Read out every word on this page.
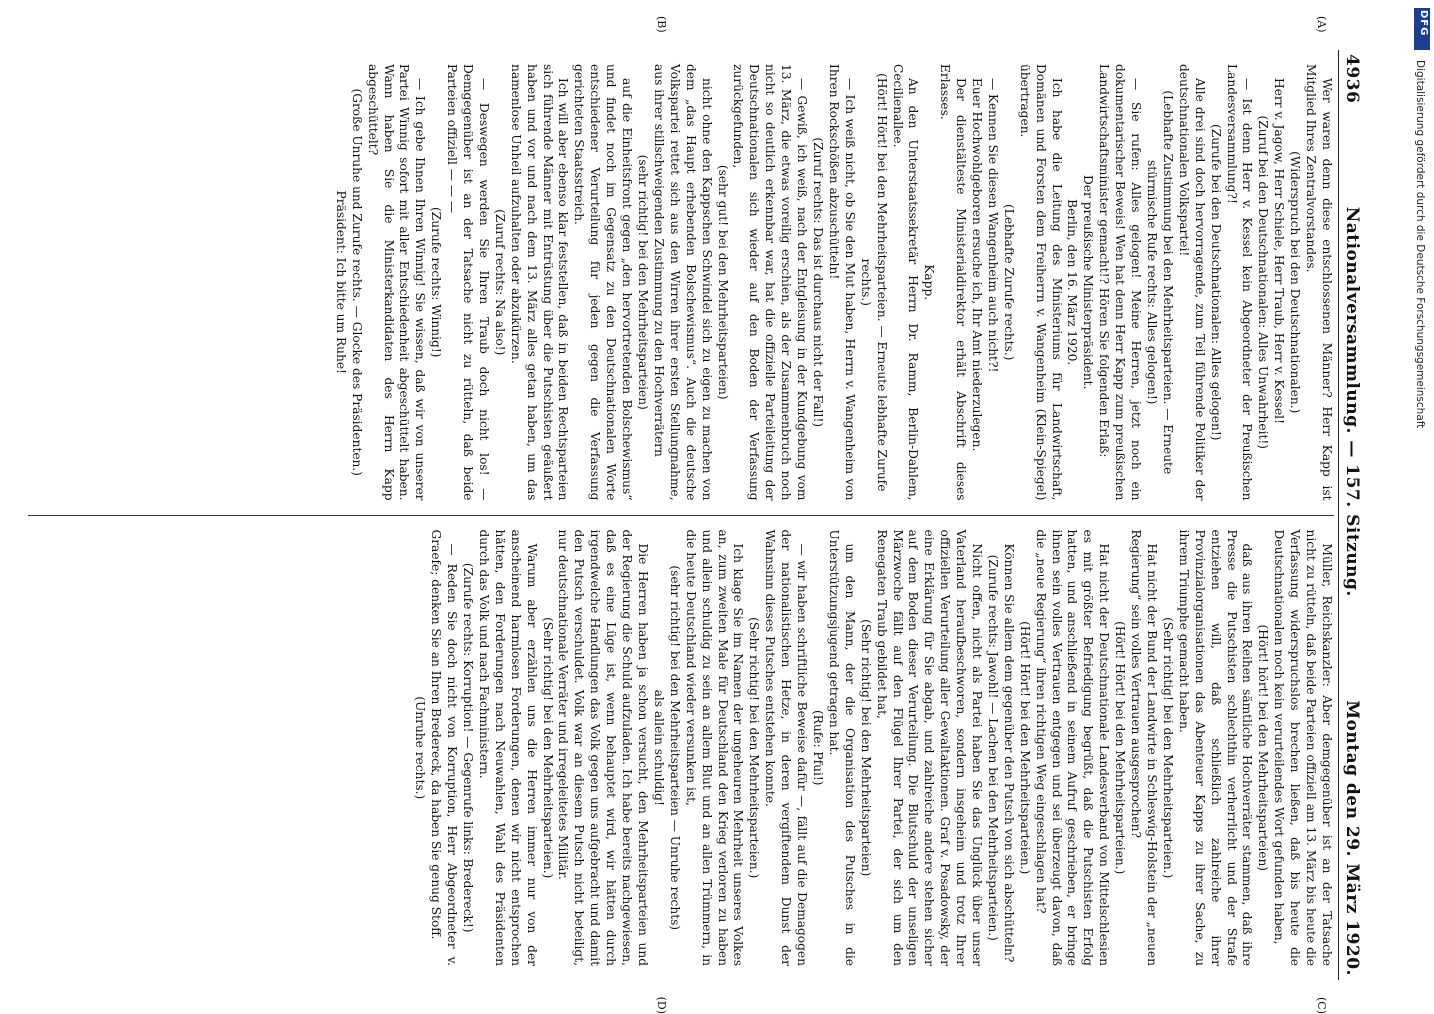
4936
Nationalversammlung. — 157. Sitzung.
Montag den 29. März 1920.

Wer waren denn diese entschlossenen Männer? Herr Kapp ist Mitglied Ihres Zentralvorstandes.

(Widerspruch bei den Deutschnationalen.)

Herr v. Jagow, Herr Schiele, Herr Traub, Herr v. Kessel!

(Zuruf bei den Deutschnationalen: Alles Unwahrheit!)

— Ist denn Herr v. Kessel kein Abgeordneter der Preußischen Landesversammlung?!

(Zurufe bei den Deutschnationalen: Alles gelogen!)

Alle drei sind doch hervorragende, zum Teil führende Politiker der deutschnationalen Volkspartei!

(Lebhafte Zustimmung bei den Mehrheitsparteien. — Erneute stürmische Rufe rechts: Alles gelogen!)

— Sie rufen: Alles gelogen! Meine Herren, jetzt noch ein dokumentarischer Beweis! Wen hat denn Herr Kapp zum preußischen Landwirtschaftsminister gemacht!? Hören Sie folgenden Erlaß:

Der preußische Ministerpräsident.

Berlin, den 16. März 1920.

Ich habe die Leitung des Ministeriums für Landwirtschaft, Domänen und Forsten dem Freiherrn v. Wangenheim (Klein-Spiegel) übertragen.

(Lebhafte Zurufe rechts.)

— Kennen Sie diesen Wangenheim auch nicht?!

Euer Hochwohlgeboren ersuche ich, Ihr Amt niederzulegen.

Der dienstälteste Ministerialdirektor erhält Abschrift dieses Erlasses.

Kapp.

An den Unterstaatssekretär Herrn Dr. Ramm, Berlin-Dahlem, Cecilienallee.

(Hört! Hört! bei den Mehrheitsparteien. — Erneute lebhafte Zurufe rechts.)

— Ich weiß nicht, ob Sie den Mut haben, Herrn v. Wangenheim von Ihren Rockschößen abzuschütteln!

(Zuruf rechts: Das ist durchaus nicht der Fall!)

— Gewiß, ich weiß, nach der Entgleisung in der Kundgebung vom 13. März, die etwas voreilig erschien, als der Zusammenbruch noch nicht so deutlich erkennbar war, hat die offizielle Parteileitung der Deutschnationalen sich wieder auf den Boden der Verfassung zurückgefunden,

(sehr gut! bei den Mehrheitsparteien)

nicht ohne den Kappschen Schwindel sich zu eigen zu machen von dem „das Haupt erhebenden Bolschewismus“. Auch die deutsche Volkspartei rettet sich aus den Wirren ihrer ersten Stellungnahme, aus ihrer stillschweigenden Zustimmung zu den Hochverrätern

(sehr richtig! bei den Mehrheitsparteien)

auf die Einheitsfront gegen „den hervortretenden Bolschewismus“ und findet noch im Gegensatz zu den Deutschnationalen Worte entschiedener Verurteilung für jeden gegen die Verfassung gerichteten Staatsstreich.

Ich will aber ebenso klar feststellen, daß in beiden Rechtsparteien sich führende Männer mit Entrüstung über die Putschisten geäußert haben und vor und nach dem 13. März alles getan haben, um das namenlose Unheil aufzuhalten oder abzukürzen.

(Zuruf rechts: Na also!)

— Deswegen werden Sie Ihren Traub doch nicht los! — Demgegenüber ist an der Tatsache nicht zu rütteln, daß beide Parteien offiziell — — —

(Zurufe rechts: Winnig!)

— Ich gebe Ihnen Ihren Winnig! Sie wissen, daß wir von unserer Partei Winnig sofort mit aller Entschiedenheit abgeschüttelt haben. Wann haben Sie die Ministerkandidaten des Herrn Kapp abgeschüttelt?

(Große Unruhe und Zurufe rechts. — Glocke des Präsidenten.)

Präsident: Ich bitte um Ruhe!

Müller, Reichskanzler: Aber demgegenüber ist an der Tatsache nicht zu rütteln, daß beide Parteien offiziell am 13. März bis heute die Verfassung widerspruchslos brechen ließen, daß bis heute die Deutschnationalen noch kein verurteilendes Wort gefunden haben,

(Hört! hört! bei den Mehrheitsparteien)

daß aus ihren Reihen sämtliche Hochverräter stammen, daß ihre Presse die Putschisten schlechthin verherrlicht und der Strafe entziehen will, daß schließlich zahlreiche ihrer Provinzialorganisationen das Abenteuer Kapps zu ihrer Sache, zu ihrem Triumphe gemacht haben.

(Sehr richtig! bei den Mehrheitsparteien.)

Hat nicht der Bund der Landwirte in Schleswig-Holstein der „neuen Regierung“ sein volles Vertrauen ausgesprochen?

(Hört! Hört! bei den Mehrheitsparteien.)

Hat nicht der Deutschnationale Landesverband von Mittelschlesien es mit größter Befriedigung begrüßt, daß die Putschisten Erfolg hatten, und anschließend in seinem Aufruf geschrieben, er bringe ihnen sein volles Vertrauen entgegen und sei überzeugt davon, daß die „neue Regierung“ ihren richtigen Weg eingeschlagen hat?

(Hört! Hört! bei den Mehrheitsparteien.)

Können Sie allem dem gegenüber den Putsch von sich abschütteln?

(Zurufe rechts: Jawohl! — Lachen bei den Mehrheitsparteien.)

Nicht offen, nicht als Partei haben Sie das Unglück über unser Vaterland heraufbeschworen, sondern insgeheim und trotz Ihrer offiziellen Verurteilung aller Gewaltaktionen. Graf v. Posadowsky, der eine Erklärung für Sie abgab, und zahlreiche andere stehen sicher auf dem Boden dieser Verurteilung. Die Blutschuld der unseligen Märzwoche fällt auf den Flügel Ihrer Partei, der sich um den Renegaten Traub gebildet hat,

(Sehr richtig! bei den Mehrheitsparteien)

um den Mann, der die Organisation des Putsches in die Unterstützungsjugend getragen hat.

(Rufe: Pfui!)

— wir haben schriftliche Beweise dafür —, fällt auf die Demagogen der nationalistischen Hetze, in deren vergiftendem Dunst der Wahnsinn dieses Putsches entstehen konnte.

(Sehr richtig! bei den Mehrheitsparteien.)

Ich klage Sie im Namen der ungeheuren Mehrheit unseres Volkes an, zum zweiten Male für Deutschland den Krieg verloren zu haben und allein schuldig zu sein an allem Blut und an allen Trümmern, in die heute Deutschland wieder versunken ist,

(sehr richtig! bei den Mehrheitsparteien — Unruhe rechts)

als allein schuldig!

Die Herren haben ja schon versucht, den Mehrheitsparteien und der Regierung die Schuld aufzuladen. Ich habe bereits nachgewiesen, daß es eine Lüge ist, wenn behauptet wird, wir hätten durch irgendwelche Handlungen das Volk gegen uns aufgebracht und damit den Putsch verschuldet. Volk war an diesem Putsch nicht beteiligt, nur deutschnationale Verräter und irregeleitetes Militär.

(Sehr richtig! bei den Mehrheitsparteien.)

Warum aber erzählen uns die Herren immer nur von der anscheinend harmlosen Forderungen, denen wir nicht entsprochen hätten, den Forderungen nach Neuwahlen, Wahl des Präsidenten durch das Volk und nach Fachministern.

(Zurufe rechts: Korruption! — Gegenrufe links: Bredereck!)

— Reden Sie doch nicht von Korruption, Herr Abgeordneter v. Graefe; denken Sie an Ihren Bredereck, da haben Sie genug Stoff.

(Unruhe rechts.)

(A)
(B)
(C)
(D)
DFG
Digitalisierung gefördert durch die Deutsche Forschungsgemeinschaft
